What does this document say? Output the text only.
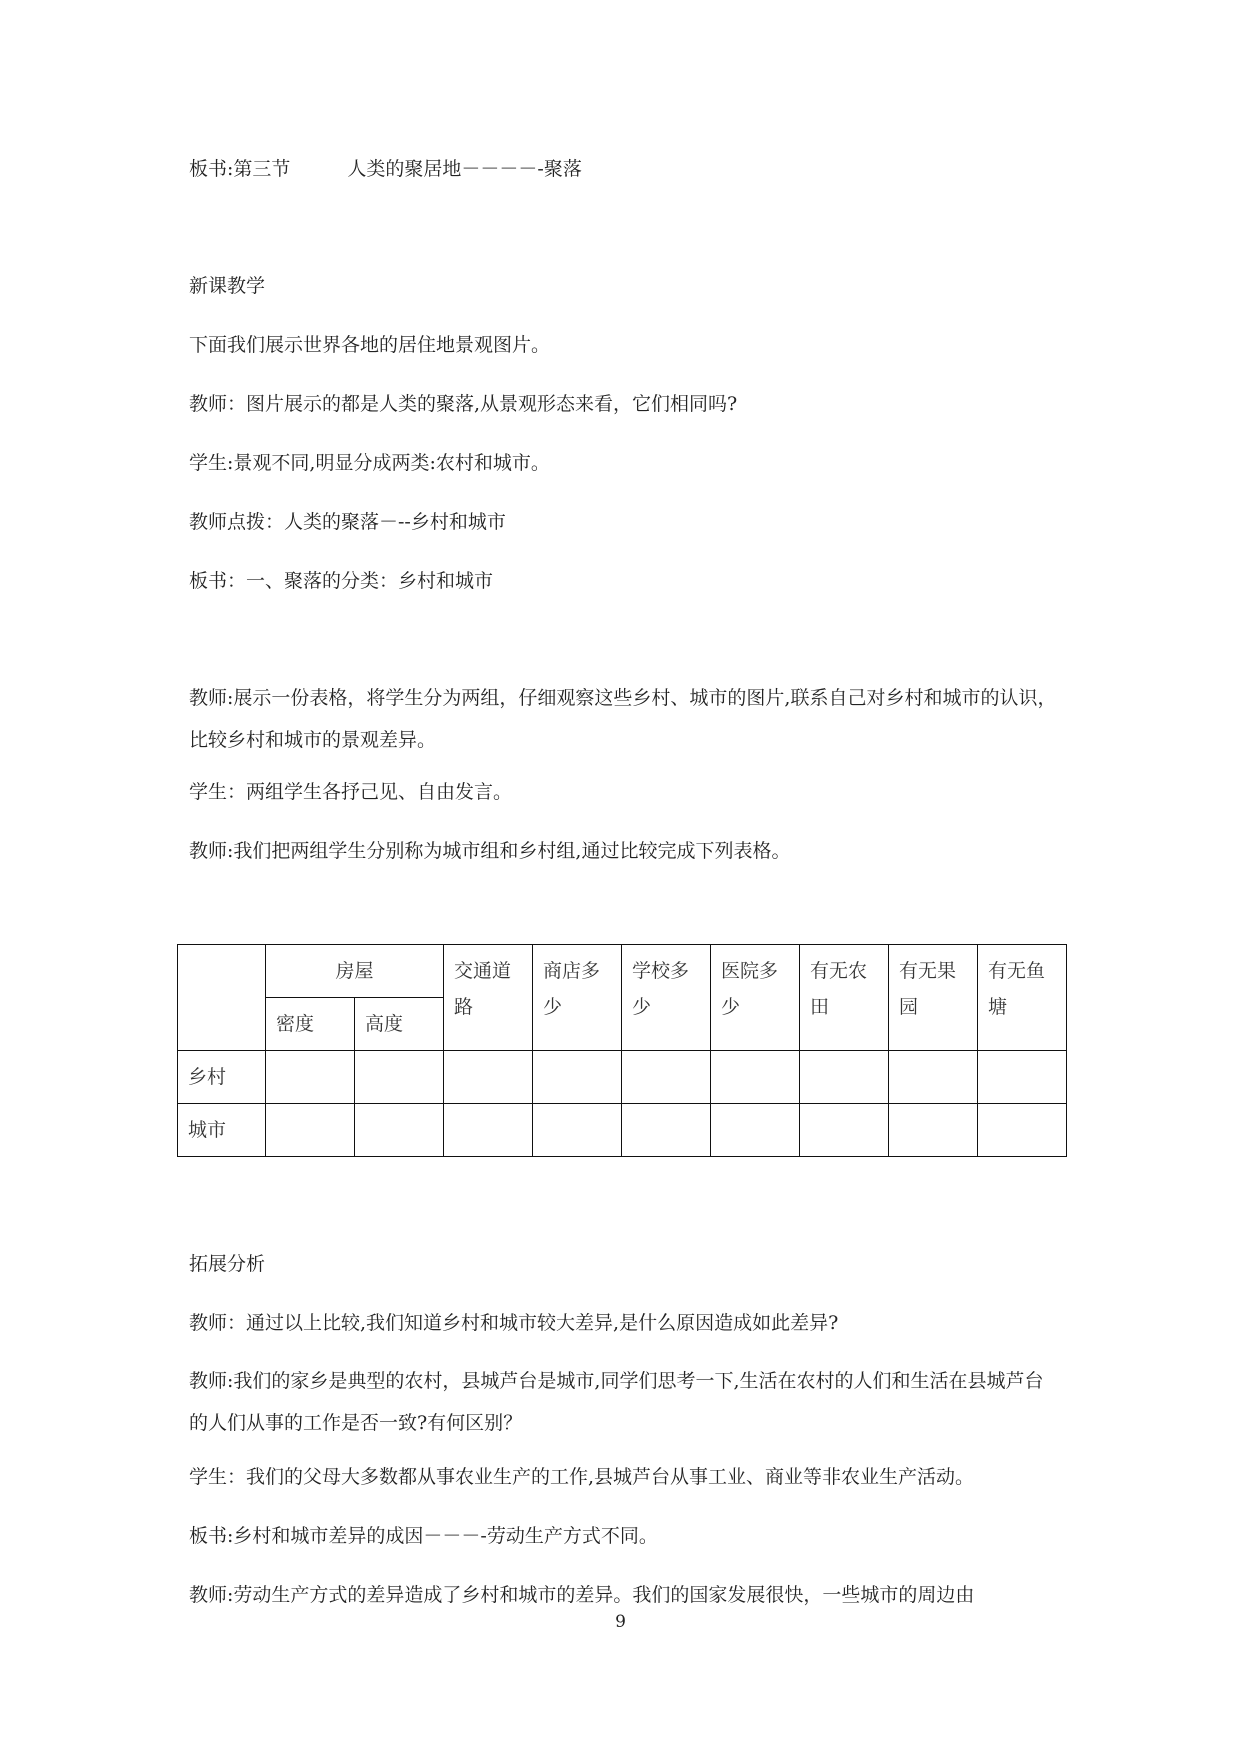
板书:第三节　　　人类的聚居地－－－－-聚落
新课教学
下面我们展示世界各地的居住地景观图片。
教师：图片展示的都是人类的聚落,从景观形态来看，它们相同吗?
学生:景观不同,明显分成两类:农村和城市。
教师点拨：人类的聚落－--乡村和城市
板书：一、聚落的分类：乡村和城市
教师:展示一份表格，将学生分为两组，仔细观察这些乡村、城市的图片,联系自己对乡村和城市的认识，比较乡村和城市的景观差异。
学生：两组学生各抒己见、自由发言。
教师:我们把两组学生分别称为城市组和乡村组,通过比较完成下列表格。
	房屋		交通道路	商店多少	学校多少	医院多少	有无农田	有无果园	有无鱼塘
	密度	高度							
乡村									
城市									
拓展分析
教师：通过以上比较,我们知道乡村和城市较大差异,是什么原因造成如此差异?
教师:我们的家乡是典型的农村，县城芦台是城市,同学们思考一下,生活在农村的人们和生活在县城芦台的人们从事的工作是否一致?有何区别？
学生：我们的父母大多数都从事农业生产的工作,县城芦台从事工业、商业等非农业生产活动。
板书:乡村和城市差异的成因－－－-劳动生产方式不同。
教师:劳动生产方式的差异造成了乡村和城市的差异。我们的国家发展很快，一些城市的周边由
9
